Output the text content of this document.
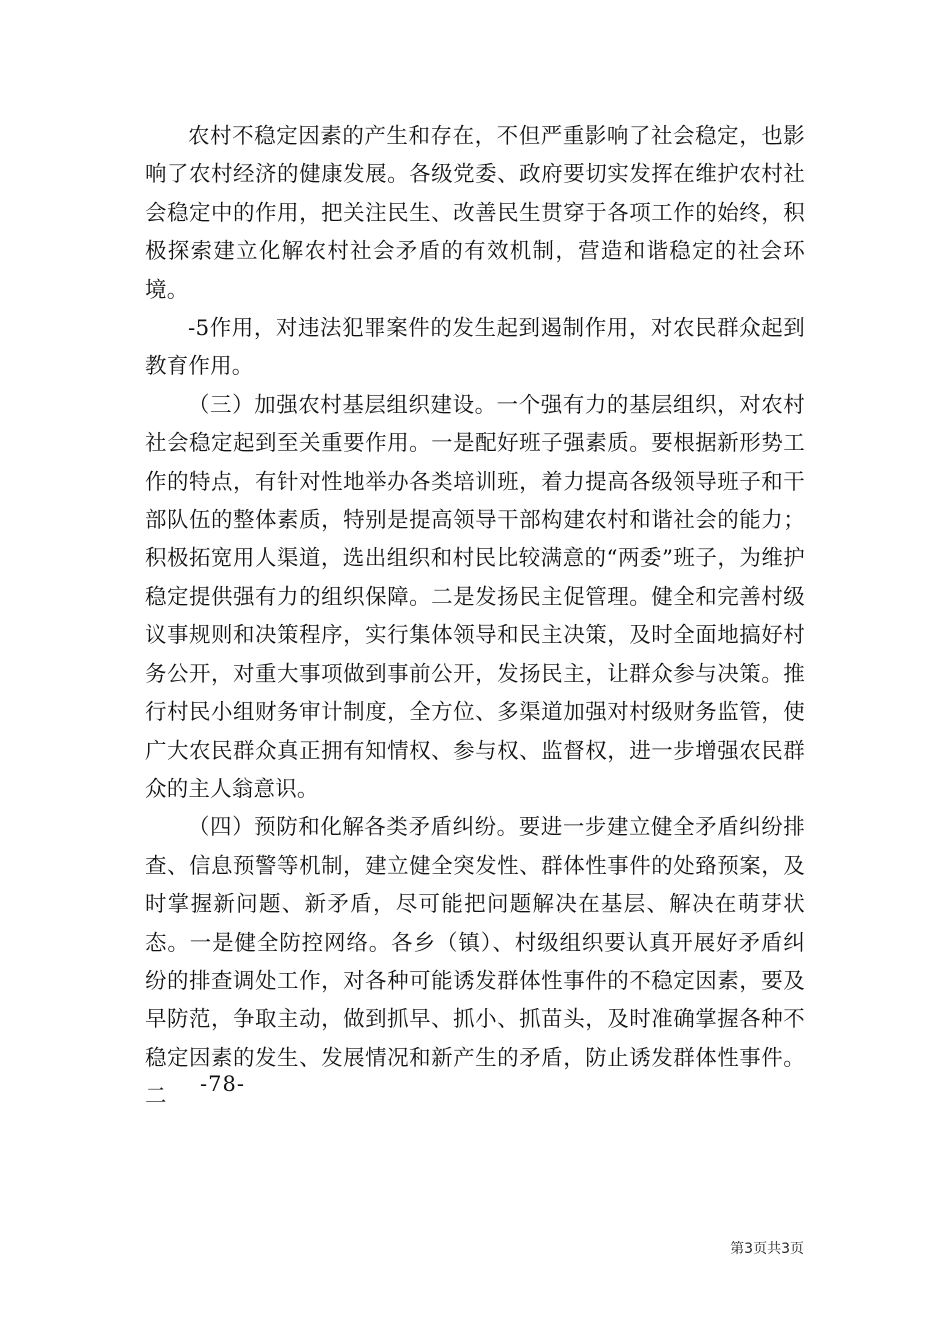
农村不稳定因素的产生和存在，不但严重影响了社会稳定，也影响了农村经济的健康发展。各级党委、政府要切实发挥在维护农村社会稳定中的作用，把关注民生、改善民生贯穿于各项工作的始终，积极探索建立化解农村社会矛盾的有效机制，营造和谐稳定的社会环境。

-5作用，对违法犯罪案件的发生起到遏制作用，对农民群众起到教育作用。

（三）加强农村基层组织建设。一个强有力的基层组织，对农村社会稳定起到至关重要作用。一是配好班子强素质。要根据新形势工作的特点，有针对性地举办各类培训班，着力提高各级领导班子和干部队伍的整体素质，特别是提高领导干部构建农村和谐社会的能力；积极拓宽用人渠道，选出组织和村民比较满意的“两委”班子，为维护稳定提供强有力的组织保障。二是发扬民主促管理。健全和完善村级议事规则和决策程序，实行集体领导和民主决策，及时全面地搞好村务公开，对重大事项做到事前公开，发扬民主，让群众参与决策。推行村民小组财务审计制度，全方位、多渠道加强对村级财务监管，使广大农民群众真正拥有知情权、参与权、监督权，进一步增强农民群众的主人翁意识。

（四）预防和化解各类矛盾纠纷。要进一步建立健全矛盾纠纷排查、信息预警等机制，建立健全突发性、群体性事件的处臵预案，及时掌握新问题、新矛盾，尽可能把问题解决在基层、解决在萌芽状态。一是健全防控网络。各乡（镇）、村级组织要认真开展好矛盾纠纷的排查调处工作，对各种可能诱发群体性事件的不稳定因素，要及早防范，争取主动，做到抓早、抓小、抓苗头，及时准确掌握各种不稳定因素的发生、发展情况和新产生的矛盾，防止诱发群体性事件。二

-78-
第3页共3页
